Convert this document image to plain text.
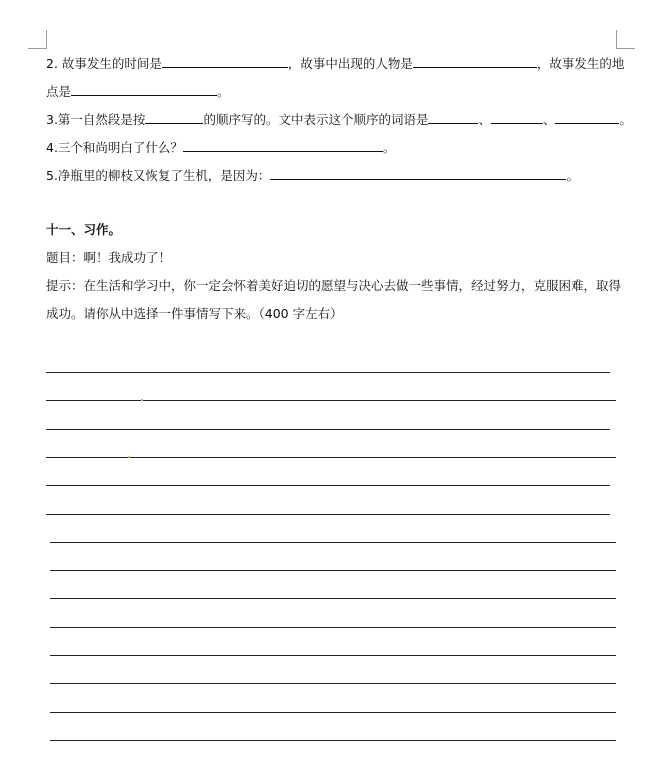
2. 故事发生的时间是	，故事中出现的人物是	，故事发生的地
点是	。
3.第一自然段是按	的顺序写的。文中表示这个顺序的词语是	、	、	。
4.三个和尚明白了什么？	。
5.净瓶里的柳枝又恢复了生机，是因为：	。
十一、习作。
题目：啊！我成功了！
提示：在生活和学习中，你一定会怀着美好迫切的愿望与决心去做一些事情，经过努力，克服困难，取得
成功。请你从中选择一件事情写下来。（400 字左右）
